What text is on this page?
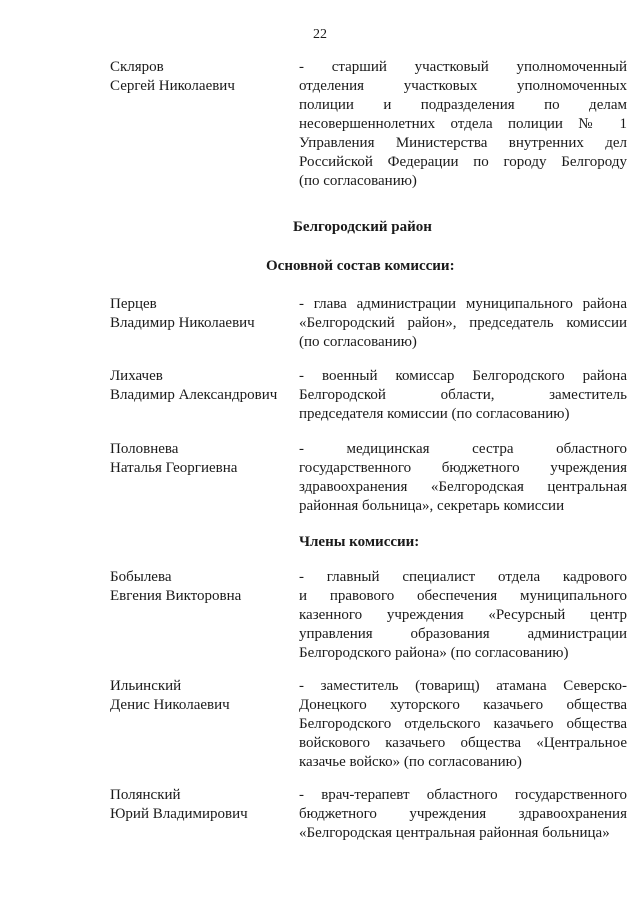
22
Скляров
Сергей Николаевич
- старший участковый уполномоченный
отделения участковых уполномоченных
полиции и подразделения по делам
несовершеннолетних отдела полиции № 1
Управления Министерства внутренних дел
Российской Федерации по городу Белгороду
(по согласованию)
Белгородский район
Основной состав комиссии:
Перцев
Владимир Николаевич
- глава администрации муниципального района
«Белгородский район», председатель комиссии
(по согласованию)
Лихачев
Владимир Александрович
- военный комиссар Белгородского района
Белгородской области, заместитель
председателя комиссии (по согласованию)
Половнева
Наталья Георгиевна
- медицинская сестра областного
государственного бюджетного учреждения
здравоохранения «Белгородская центральная
районная больница», секретарь комиссии
Члены комиссии:
Бобылева
Евгения Викторовна
- главный специалист отдела кадрового
и правового обеспечения муниципального
казенного учреждения «Ресурсный центр
управления образования администрации
Белгородского района» (по согласованию)
Ильинский
Денис Николаевич
- заместитель (товарищ) атамана Северско-
Донецкого хуторского казачьего общества
Белгородского отдельского казачьего общества
войскового казачьего общества «Центральное
казачье войско» (по согласованию)
Полянский
Юрий Владимирович
- врач-терапевт областного государственного
бюджетного учреждения здравоохранения
«Белгородская центральная районная больница»
